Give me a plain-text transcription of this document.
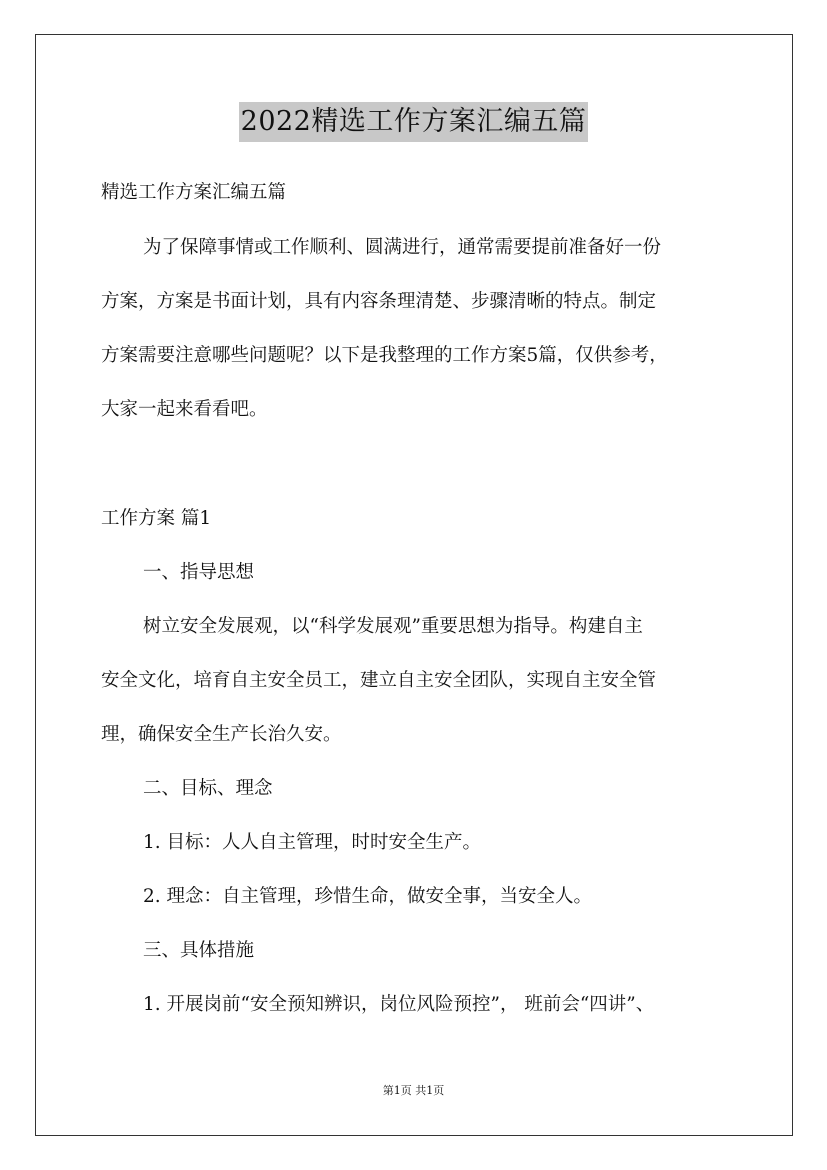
2022精选工作方案汇编五篇
精选工作方案汇编五篇
为了保障事情或工作顺利、圆满进行，通常需要提前准备好一份
方案，方案是书面计划，具有内容条理清楚、步骤清晰的特点。制定
方案需要注意哪些问题呢？以下是我整理的工作方案5篇，仅供参考，
大家一起来看看吧。
工作方案 篇1
一、指导思想
树立安全发展观，以“科学发展观”重要思想为指导。构建自主
安全文化，培育自主安全员工，建立自主安全团队，实现自主安全管
理，确保安全生产长治久安。
二、目标、理念
1. 目标：人人自主管理，时时安全生产。
2. 理念：自主管理，珍惜生命，做安全事，当安全人。
三、具体措施
1. 开展岗前“安全预知辨识，岗位风险预控”， 班前会“四讲”、
第1页 共1页
